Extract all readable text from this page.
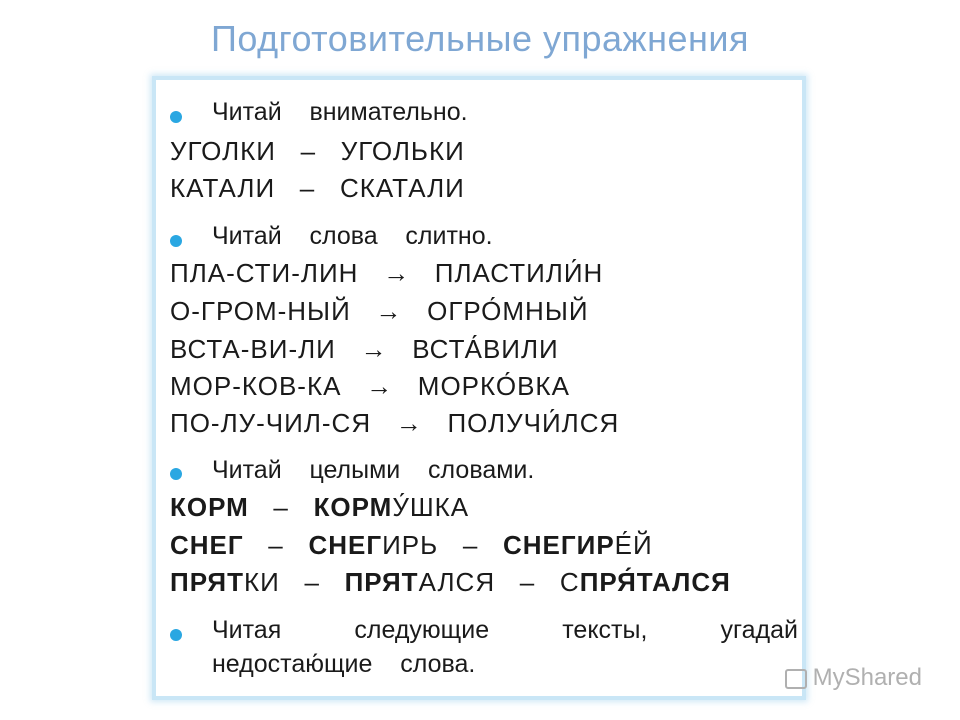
Подготовительные упражнения
Читай    внимательно.
УГОЛКИ   –   УГОЛЬКИ
КАТАЛИ   –   СКАТАЛИ
Читай    слова    слитно.
ПЛА-СТИ-ЛИН   →   ПЛАСТИЛИ́Н
О-ГРОМ-НЫЙ   →   ОГРО́МНЫЙ
ВСТА-ВИ-ЛИ   →   ВСТА́ВИЛИ
МОР-КОВ-КА   →   МОРКО́ВКА
ПО-ЛУ-ЧИЛ-СЯ   →   ПОЛУЧИ́ЛСЯ
Читай    целыми    словами.
КОРМ   –   КОРМУ́ШКА
СНЕГ   –   СНЕГИРЬ   –   СНЕГИРЕ́Й
ПРЯТКИ   –   ПРЯТАЛСЯ   –   СПРЯ́ТАЛСЯ
Читая	следующие	тексты,	угадай
недостаю́щие    слова.	MyShared
